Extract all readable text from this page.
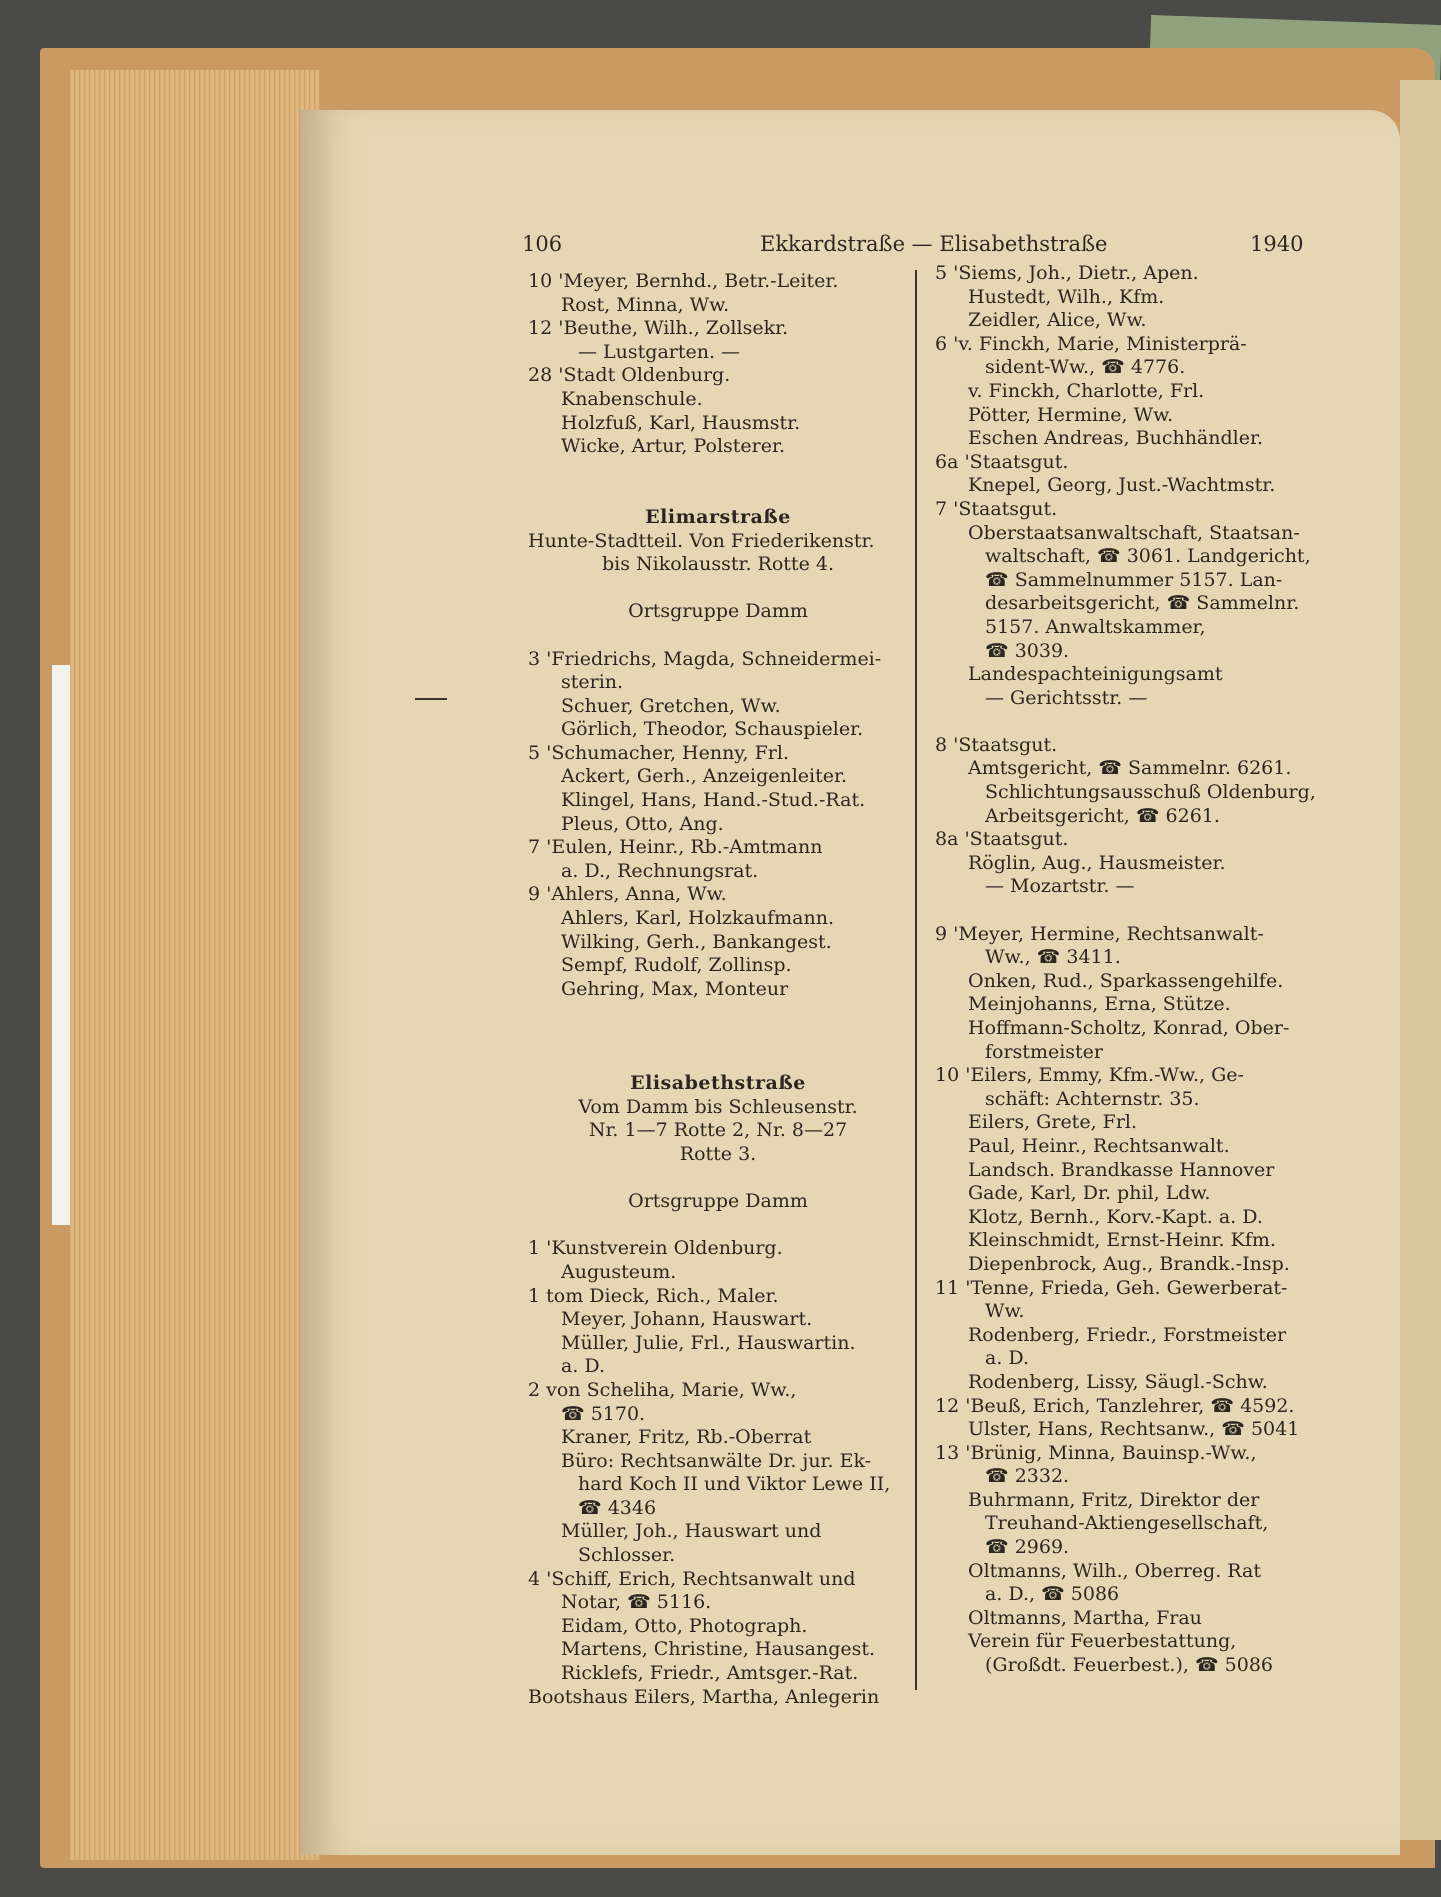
106	Ekkardstraße — Elisabethstraße	1940
10 'Meyer, Bernhd., Betr.-Leiter.
Rost, Minna, Ww.
12 'Beuthe, Wilh., Zollsekr.
— Lustgarten. —
28 'Stadt Oldenburg.
Knabenschule.
Holzfuß, Karl, Hausmstr.
Wicke, Artur, Polsterer.
Elimarstraße
Hunte-Stadtteil. Von Friederikenstr.
bis Nikolausstr. Rotte 4.
Ortsgruppe Damm
3 'Friedrichs, Magda, Schneidermei-
sterin.
Schuer, Gretchen, Ww.
Görlich, Theodor, Schauspieler.
5 'Schumacher, Henny, Frl.
Ackert, Gerh., Anzeigenleiter.
Klingel, Hans, Hand.-Stud.-Rat.
Pleus, Otto, Ang.
7 'Eulen, Heinr., Rb.-Amtmann
a. D., Rechnungsrat.
9 'Ahlers, Anna, Ww.
Ahlers, Karl, Holzkaufmann.
Wilking, Gerh., Bankangest.
Sempf, Rudolf, Zollinsp.
Gehring, Max, Monteur
Elisabethstraße
Vom Damm bis Schleusenstr.
Nr. 1—7 Rotte 2, Nr. 8—27
Rotte 3.
Ortsgruppe Damm
1 'Kunstverein Oldenburg.
Augusteum.
1 tom Dieck, Rich., Maler.
Meyer, Johann, Hauswart.
Müller, Julie, Frl., Hauswartin.
a. D.
2 von Scheliha, Marie, Ww.,
☎ 5170.
Kraner, Fritz, Rb.-Oberrat
Büro: Rechtsanwälte Dr. jur. Ek-
hard Koch II und Viktor Lewe II,
☎ 4346
Müller, Joh., Hauswart und
Schlosser.
4 'Schiff, Erich, Rechtsanwalt und
Notar, ☎ 5116.
Eidam, Otto, Photograph.
Martens, Christine, Hausangest.
Ricklefs, Friedr., Amtsger.-Rat.
Bootshaus Eilers, Martha, Anlegerin
5 'Siems, Joh., Dietr., Apen.
Hustedt, Wilh., Kfm.
Zeidler, Alice, Ww.
6 'v. Finckh, Marie, Ministerprä-
sident-Ww., ☎ 4776.
v. Finckh, Charlotte, Frl.
Pötter, Hermine, Ww.
Eschen Andreas, Buchhändler.
6a 'Staatsgut.
Knepel, Georg, Just.-Wachtmstr.
7 'Staatsgut.
Oberstaatsanwaltschaft, Staatsan-
waltschaft, ☎ 3061. Landgericht,
☎ Sammelnummer 5157. Lan-
desarbeitsgericht, ☎ Sammelnr.
5157. Anwaltskammer,
☎ 3039.
Landespachteinigungsamt
— Gerichtsstr. —
8 'Staatsgut.
Amtsgericht, ☎ Sammelnr. 6261.
Schlichtungsausschuß Oldenburg,
Arbeitsgericht, ☎ 6261.
8a 'Staatsgut.
Röglin, Aug., Hausmeister.
— Mozartstr. —
9 'Meyer, Hermine, Rechtsanwalt-
Ww., ☎ 3411.
Onken, Rud., Sparkassengehilfe.
Meinjohanns, Erna, Stütze.
Hoffmann-Scholtz, Konrad, Ober-
forstmeister
10 'Eilers, Emmy, Kfm.-Ww., Ge-
schäft: Achternstr. 35.
Eilers, Grete, Frl.
Paul, Heinr., Rechtsanwalt.
Landsch. Brandkasse Hannover
Gade, Karl, Dr. phil, Ldw.
Klotz, Bernh., Korv.-Kapt. a. D.
Kleinschmidt, Ernst-Heinr. Kfm.
Diepenbrock, Aug., Brandk.-Insp.
11 'Tenne, Frieda, Geh. Gewerberat-
Ww.
Rodenberg, Friedr., Forstmeister
a. D.
Rodenberg, Lissy, Säugl.-Schw.
12 'Beuß, Erich, Tanzlehrer, ☎ 4592.
Ulster, Hans, Rechtsanw., ☎ 5041
13 'Brünig, Minna, Bauinsp.-Ww.,
☎ 2332.
Buhrmann, Fritz, Direktor der
Treuhand-Aktiengesellschaft,
☎ 2969.
Oltmanns, Wilh., Oberreg. Rat
a. D., ☎ 5086
Oltmanns, Martha, Frau
Verein für Feuerbestattung,
(Großdt. Feuerbest.), ☎ 5086
